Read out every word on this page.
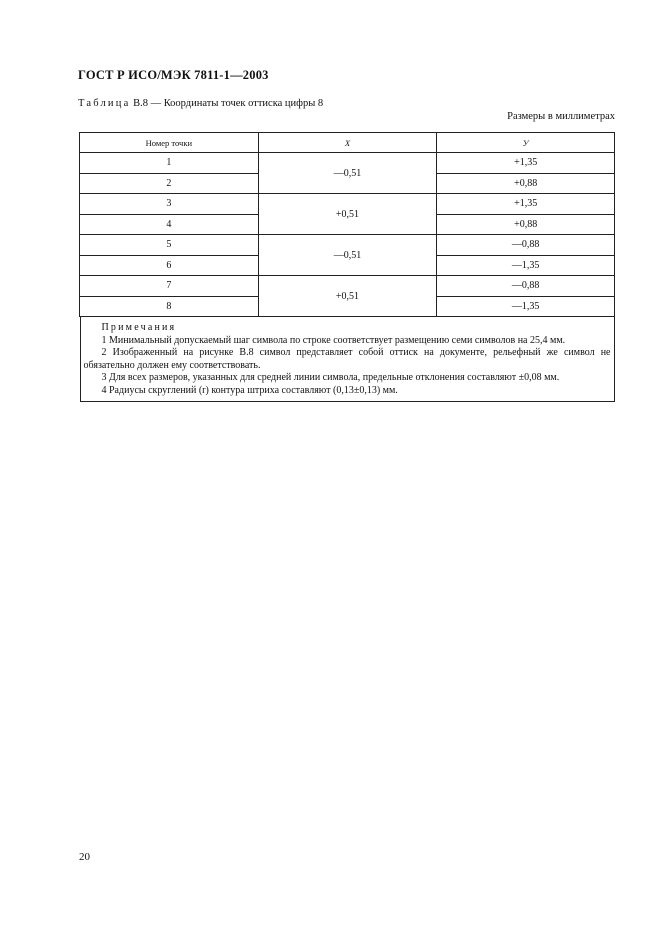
ГОСТ Р ИСО/МЭК 7811-1—2003
Таблица B.8 — Координаты точек оттиска цифры 8
Размеры в миллиметрах
Номер точки	X	У
1	—0,51	+1,35
2		+0,88
3	+0,51	+1,35
4		+0,88
5	—0,51	—0,88
6		—1,35
7	+0,51	—0,88
8		—1,35

Примечания

1 Минимальный допускаемый шаг символа по строке соответствует размещению семи символов на 25,4 мм.

2 Изображенный на рисунке В.8 символ представляет собой оттиск на документе, рельефный же символ не обязательно должен ему соответствовать.

3 Для всех размеров, указанных для средней линии символа, предельные отклонения составляют ±0,08 мм.

4 Радиусы скруглений (r) контура штриха составляют (0,13±0,13) мм.		

20
